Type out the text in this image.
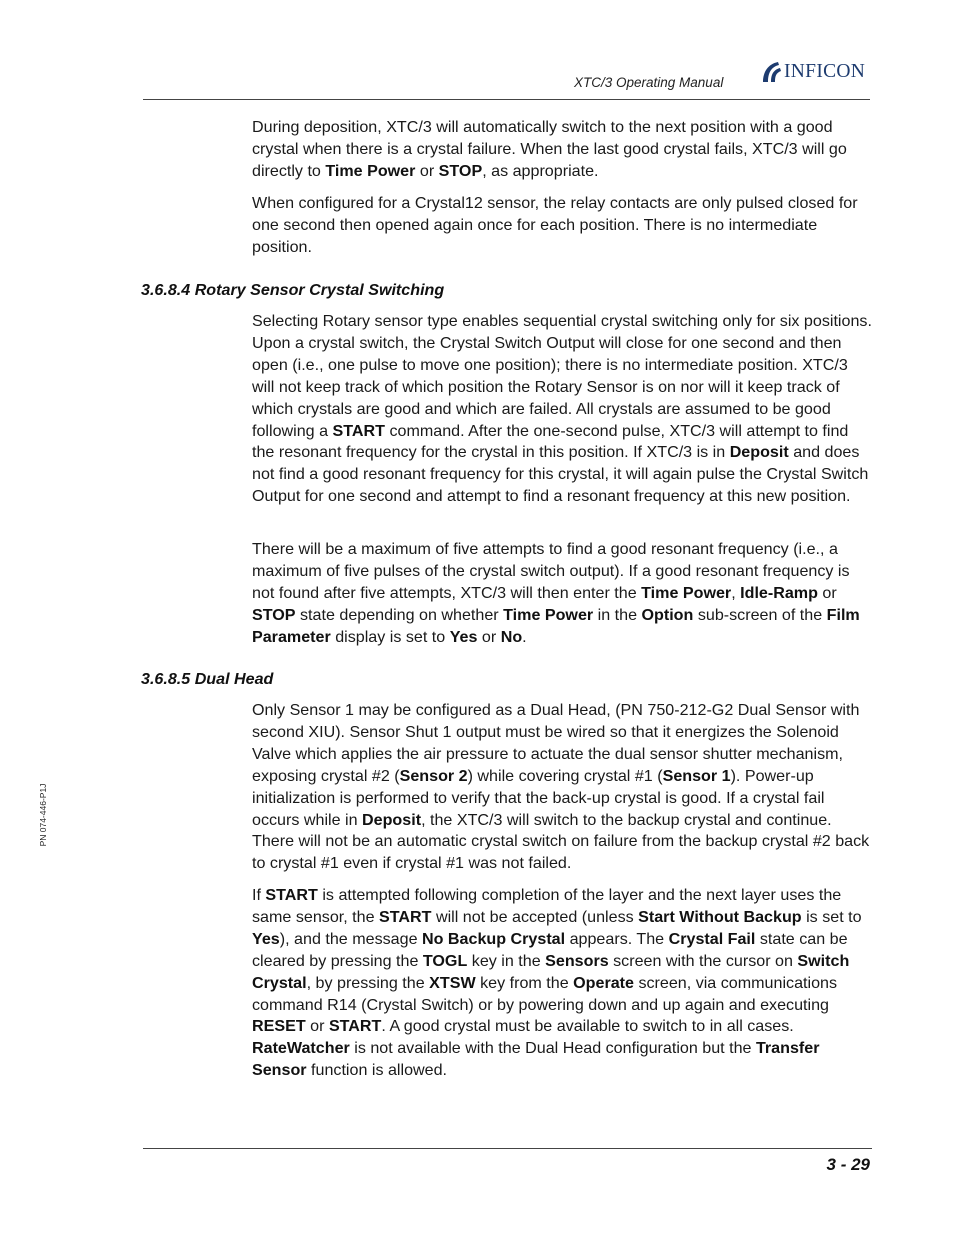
XTC/3 Operating Manual
INFICON
PN 074-446-P1J

During deposition, XTC/3 will automatically switch to the next position with a good crystal when there is a crystal failure. When the last good crystal fails, XTC/3 will go directly to Time Power or STOP, as appropriate.

When configured for a Crystal12 sensor, the relay contacts are only pulsed closed for one second then opened again once for each position. There is no intermediate position.

3.6.8.4 Rotary Sensor Crystal Switching

Selecting Rotary sensor type enables sequential crystal switching only for six positions. Upon a crystal switch, the Crystal Switch Output will close for one second and then open (i.e., one pulse to move one position); there is no intermediate position. XTC/3 will not keep track of which position the Rotary Sensor is on nor will it keep track of which crystals are good and which are failed. All crystals are assumed to be good following a START command. After the one-second pulse, XTC/3 will attempt to find the resonant frequency for the crystal in this position. If XTC/3 is in Deposit and does not find a good resonant frequency for this crystal, it will again pulse the Crystal Switch Output for one second and attempt to find a resonant frequency at this new position.

There will be a maximum of five attempts to find a good resonant frequency (i.e., a maximum of five pulses of the crystal switch output). If a good resonant frequency is not found after five attempts, XTC/3 will then enter the Time Power, Idle-Ramp or STOP state depending on whether Time Power in the Option sub-screen of the Film Parameter display is set to Yes or No.

3.6.8.5 Dual Head

Only Sensor 1 may be configured as a Dual Head, (PN 750-212-G2 Dual Sensor with second XIU). Sensor Shut 1 output must be wired so that it energizes the Solenoid Valve which applies the air pressure to actuate the dual sensor shutter mechanism, exposing crystal #2 (Sensor 2) while covering crystal #1 (Sensor 1). Power-up initialization is performed to verify that the back-up crystal is good. If a crystal fail occurs while in Deposit, the XTC/3 will switch to the backup crystal and continue. There will not be an automatic crystal switch on failure from the backup crystal #2 back to crystal #1 even if crystal #1 was not failed.

If START is attempted following completion of the layer and the next layer uses the same sensor, the START will not be accepted (unless Start Without Backup is set to Yes), and the message No Backup Crystal appears. The Crystal Fail state can be cleared by pressing the TOGL key in the Sensors screen with the cursor on Switch Crystal, by pressing the XTSW key from the Operate screen, via communications command R14 (Crystal Switch) or by powering down and up again and executing RESET or START. A good crystal must be available to switch to in all cases. RateWatcher is not available with the Dual Head configuration but the Transfer Sensor function is allowed.

3 - 29
